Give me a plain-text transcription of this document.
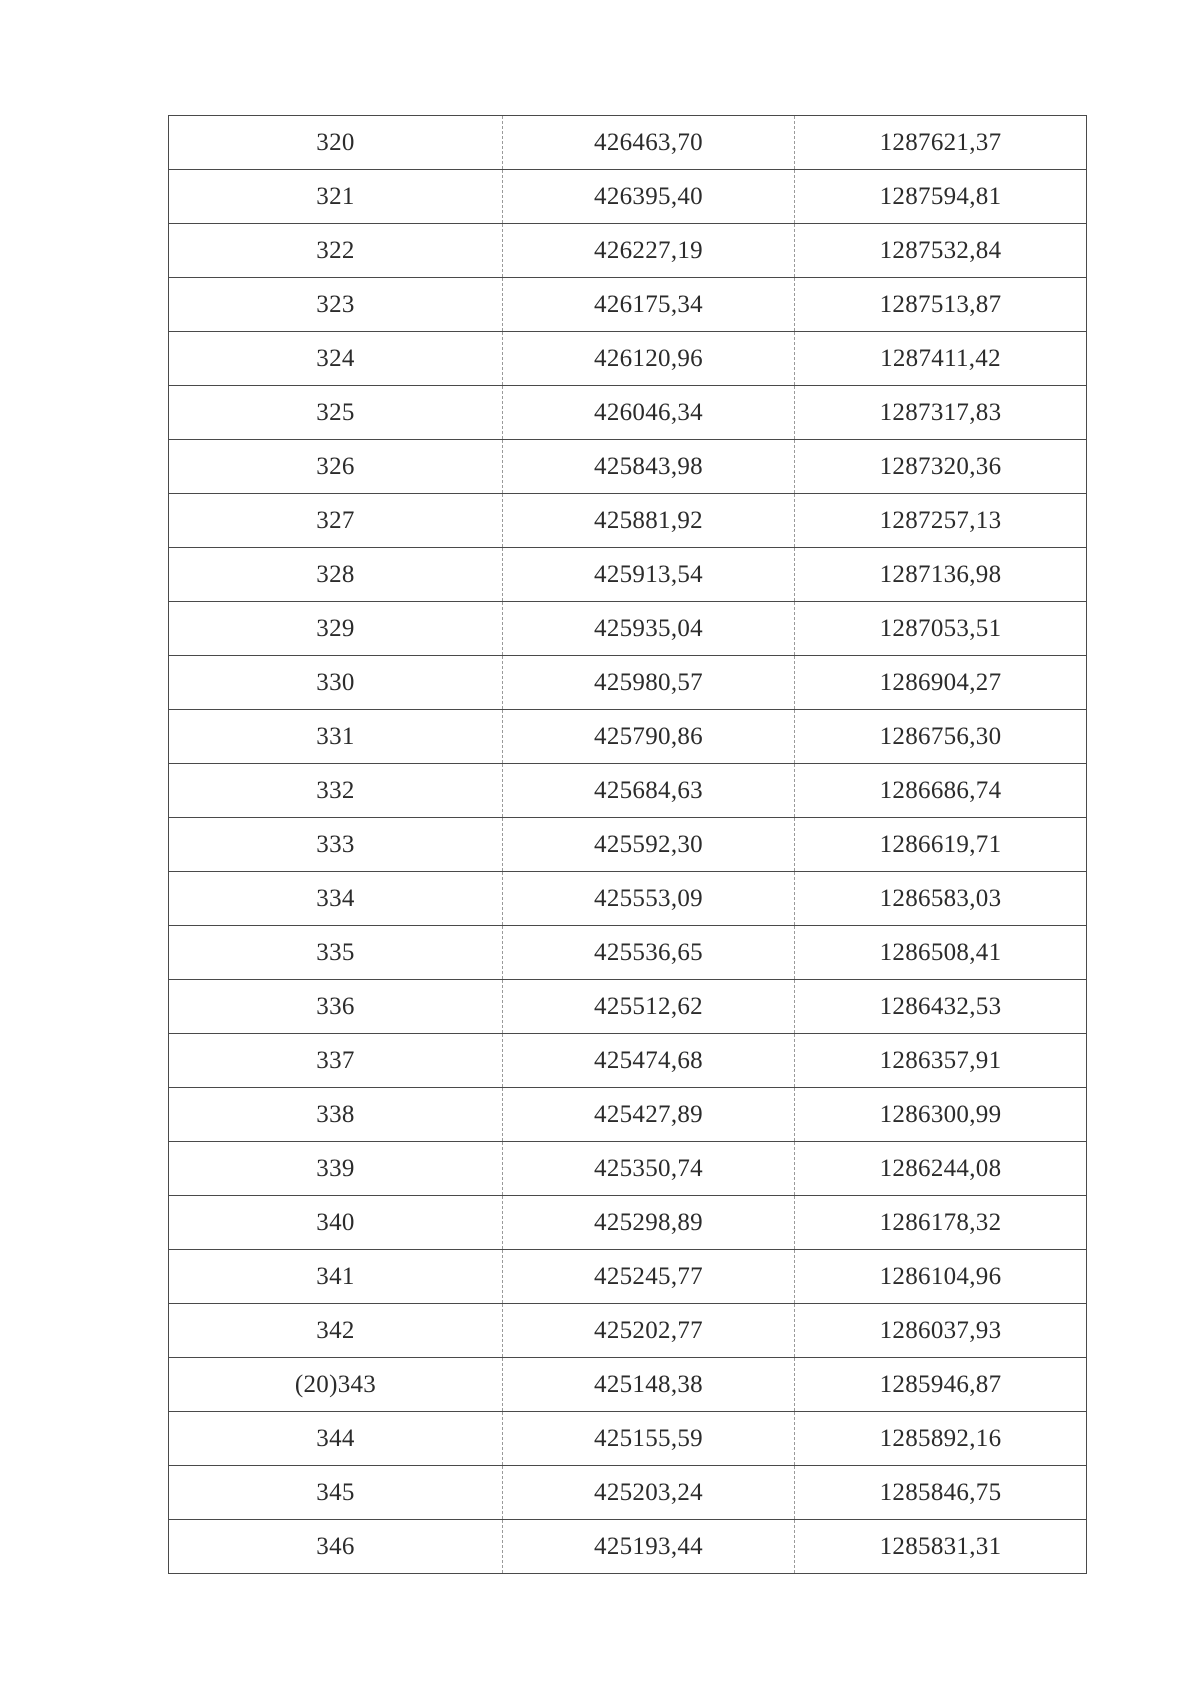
320	426463,70	1287621,37
321	426395,40	1287594,81
322	426227,19	1287532,84
323	426175,34	1287513,87
324	426120,96	1287411,42
325	426046,34	1287317,83
326	425843,98	1287320,36
327	425881,92	1287257,13
328	425913,54	1287136,98
329	425935,04	1287053,51
330	425980,57	1286904,27
331	425790,86	1286756,30
332	425684,63	1286686,74
333	425592,30	1286619,71
334	425553,09	1286583,03
335	425536,65	1286508,41
336	425512,62	1286432,53
337	425474,68	1286357,91
338	425427,89	1286300,99
339	425350,74	1286244,08
340	425298,89	1286178,32
341	425245,77	1286104,96
342	425202,77	1286037,93
(20)343	425148,38	1285946,87
344	425155,59	1285892,16
345	425203,24	1285846,75
346	425193,44	1285831,31
